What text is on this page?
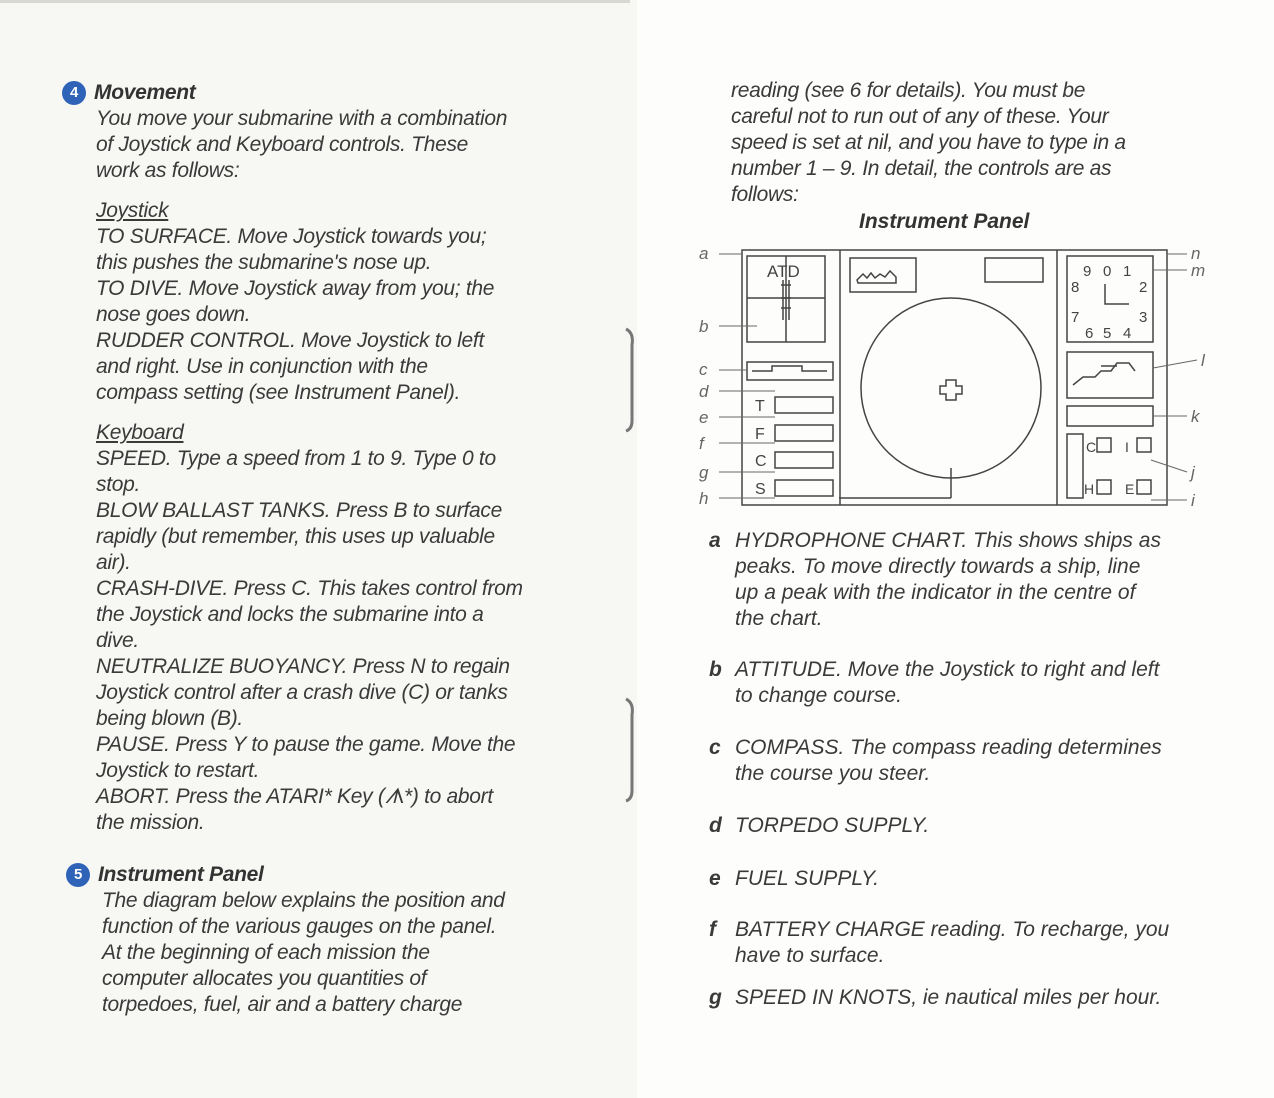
4 Movement
You move your submarine with a combination
of Joystick and Keyboard controls. These
work as follows:
Joystick
TO SURFACE. Move Joystick towards you;
this pushes the submarine's nose up.
TO DIVE. Move Joystick away from you; the
nose goes down.
RUDDER CONTROL. Move Joystick to left
and right. Use in conjunction with the
compass setting (see Instrument Panel).
Keyboard
SPEED. Type a speed from 1 to 9. Type 0 to
stop.
BLOW BALLAST TANKS. Press B to surface
rapidly (but remember, this uses up valuable
air).
CRASH-DIVE. Press C. This takes control from
the Joystick and locks the submarine into a
dive.
NEUTRALIZE BUOYANCY. Press N to regain
Joystick control after a crash dive (C) or tanks
being blown (B).
PAUSE. Press Y to pause the game. Move the
Joystick to restart.
ABORT. Press the ATARI* Key (ᗑ*) to abort
the mission.
5 Instrument Panel
The diagram below explains the position and
function of the various gauges on the panel.
At the beginning of each mission the
computer allocates you quantities of
torpedoes, fuel, air and a battery charge
reading (see 6 for details). You must be
careful not to run out of any of these. Your
speed is set at nil, and you have to type in a
number 1 – 9. In detail, the controls are as
follows:
Instrument Panel
ATD
T
F
C
S
9 0 1
2
3
4
5
6
7
8
C I
H E
a
b
c
d
e
f
g
h
n
m
l
k
j
i
a HYDROPHONE CHART. This shows ships as
peaks. To move directly towards a ship, line
up a peak with the indicator in the centre of
the chart.
b ATTITUDE. Move the Joystick to right and left
to change course.
c COMPASS. The compass reading determines
the course you steer.
d TORPEDO SUPPLY.
e FUEL SUPPLY.
f BATTERY CHARGE reading. To recharge, you
have to surface.
g SPEED IN KNOTS, ie nautical miles per hour.
